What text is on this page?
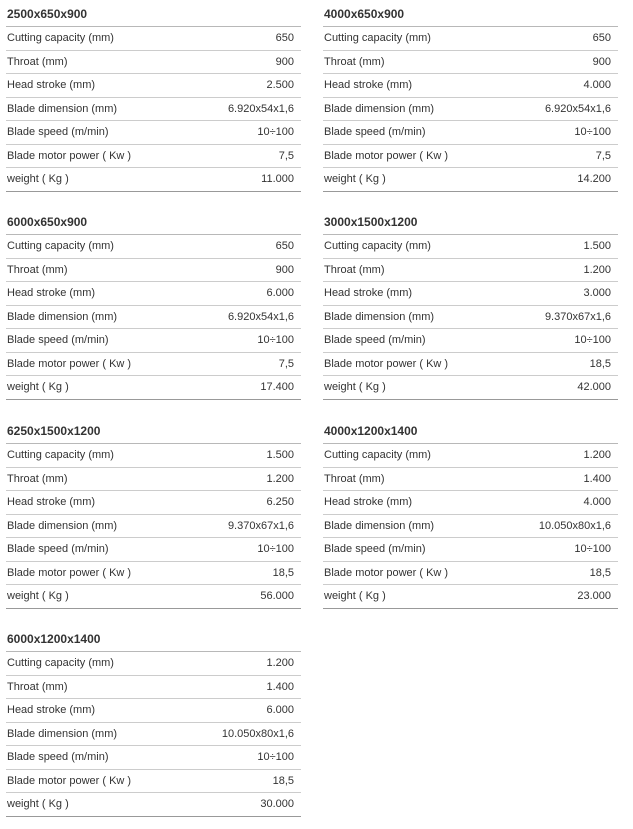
2500x650x900
Cutting capacity (mm)	650
Throat (mm)	900
Head stroke (mm)	2.500
Blade dimension (mm)	6.920x54x1,6
Blade speed (m/min)	10÷100
Blade motor power ( Kw )	7,5
weight ( Kg )	11.000
4000x650x900
Cutting capacity (mm)	650
Throat (mm)	900
Head stroke (mm)	4.000
Blade dimension (mm)	6.920x54x1,6
Blade speed (m/min)	10÷100
Blade motor power ( Kw )	7,5
weight ( Kg )	14.200
6000x650x900
Cutting capacity (mm)	650
Throat (mm)	900
Head stroke (mm)	6.000
Blade dimension (mm)	6.920x54x1,6
Blade speed (m/min)	10÷100
Blade motor power ( Kw )	7,5
weight ( Kg )	17.400
3000x1500x1200
Cutting capacity (mm)	1.500
Throat (mm)	1.200
Head stroke (mm)	3.000
Blade dimension (mm)	9.370x67x1,6
Blade speed (m/min)	10÷100
Blade motor power ( Kw )	18,5
weight ( Kg )	42.000
6250x1500x1200
Cutting capacity (mm)	1.500
Throat (mm)	1.200
Head stroke (mm)	6.250
Blade dimension (mm)	9.370x67x1,6
Blade speed (m/min)	10÷100
Blade motor power ( Kw )	18,5
weight ( Kg )	56.000
4000x1200x1400
Cutting capacity (mm)	1.200
Throat (mm)	1.400
Head stroke (mm)	4.000
Blade dimension (mm)	10.050x80x1,6
Blade speed (m/min)	10÷100
Blade motor power ( Kw )	18,5
weight ( Kg )	23.000
6000x1200x1400
Cutting capacity (mm)	1.200
Throat (mm)	1.400
Head stroke (mm)	6.000
Blade dimension (mm)	10.050x80x1,6
Blade speed (m/min)	10÷100
Blade motor power ( Kw )	18,5
weight ( Kg )	30.000
